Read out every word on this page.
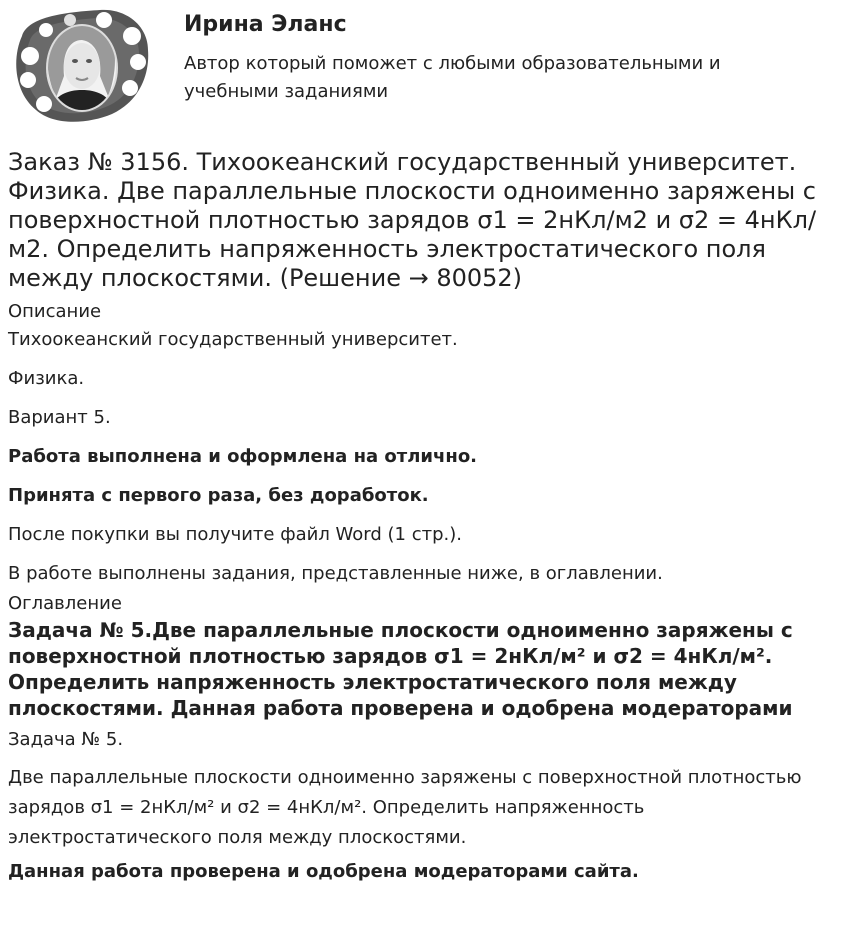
Ирина Эланс
Автор который поможет с любыми образовательными и учебными заданиями
Заказ № 3156. Тихоокеанский государственный университет. Физика. Две параллельные плоскости одноименно заряжены с поверхностной плотностью зарядов σ1 = 2нКл/м2 и σ2 = 4нКл/м2. Определить напряженность электростатического поля между плоскостями. (Решение → 80052)
Описание

Тихоокеанский государственный университет.

Физика.

Вариант 5.

Работа выполнена и оформлена на отлично.

Принята с первого раза, без доработок.

После покупки вы получите файл Word (1 стр.).

В работе выполнены задания, представленные ниже, в оглавлении.

Оглавление
Задача № 5.Две параллельные плоскости одноименно заряжены с поверхностной плотностью зарядов σ1 = 2нКл/м² и σ2 = 4нКл/м². Определить напряженность электростатического поля между плоскостями. Данная работа проверена и одобрена модераторами

Задача № 5.

Две параллельные плоскости одноименно заряжены с поверхностной плотностью зарядов σ1 = 2нКл/м² и σ2 = 4нКл/м². Определить напряженность электростатического поля между плоскостями.

Данная работа проверена и одобрена модераторами сайта.
